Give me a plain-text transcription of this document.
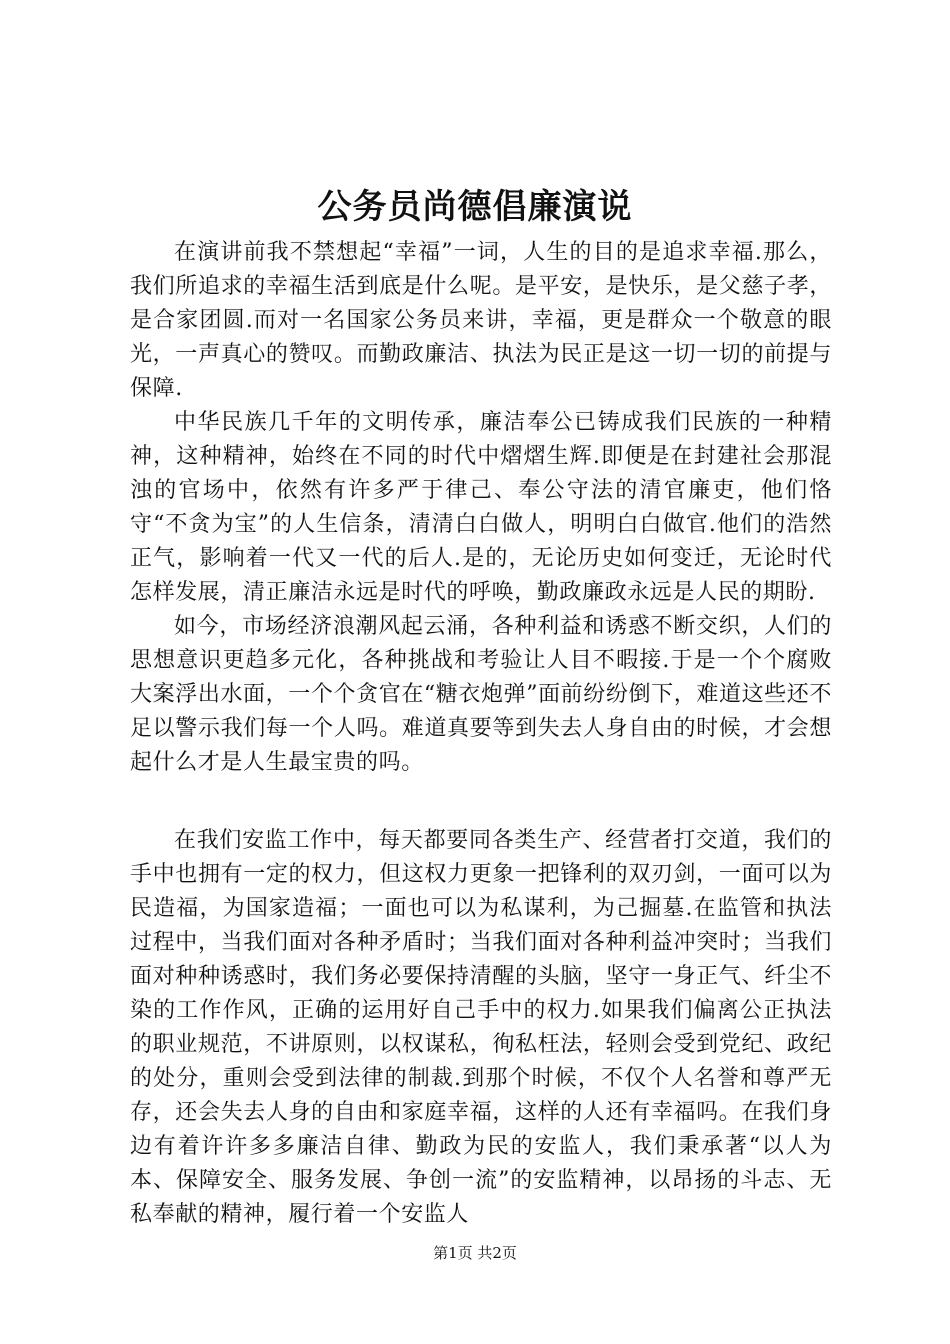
公务员尚德倡廉演说

在演讲前我不禁想起“幸福”一词，人生的目的是追求幸福.那么，我们所追求的幸福生活到底是什么呢。是平安，是快乐，是父慈子孝，是合家团圆.而对一名国家公务员来讲，幸福，更是群众一个敬意的眼光，一声真心的赞叹。而勤政廉洁、执法为民正是这一切一切的前提与保障.

中华民族几千年的文明传承，廉洁奉公已铸成我们民族的一种精神，这种精神，始终在不同的时代中熠熠生辉.即便是在封建社会那混浊的官场中，依然有许多严于律己、奉公守法的清官廉吏，他们恪守“不贪为宝”的人生信条，清清白白做人，明明白白做官.他们的浩然正气，影响着一代又一代的后人.是的，无论历史如何变迁，无论时代怎样发展，清正廉洁永远是时代的呼唤，勤政廉政永远是人民的期盼.

如今，市场经济浪潮风起云涌，各种利益和诱惑不断交织，人们的思想意识更趋多元化，各种挑战和考验让人目不暇接.于是一个个腐败大案浮出水面，一个个贪官在“糖衣炮弹”面前纷纷倒下，难道这些还不足以警示我们每一个人吗。难道真要等到失去人身自由的时候，才会想起什么才是人生最宝贵的吗。

在我们安监工作中，每天都要同各类生产、经营者打交道，我们的手中也拥有一定的权力，但这权力更象一把锋利的双刃剑，一面可以为民造福，为国家造福；一面也可以为私谋利，为己掘墓.在监管和执法过程中，当我们面对各种矛盾时；当我们面对各种利益冲突时；当我们面对种种诱惑时，我们务必要保持清醒的头脑，坚守一身正气、纤尘不染的工作作风，正确的运用好自己手中的权力.如果我们偏离公正执法的职业规范，不讲原则，以权谋私，徇私枉法，轻则会受到党纪、政纪的处分，重则会受到法律的制裁.到那个时候，不仅个人名誉和尊严无存，还会失去人身的自由和家庭幸福，这样的人还有幸福吗。在我们身边有着许许多多廉洁自律、勤政为民的安监人，我们秉承著“以人为本、保障安全、服务发展、争创一流”的安监精神，以昂扬的斗志、无私奉献的精神，履行着一个安监人

第1页 共2页
